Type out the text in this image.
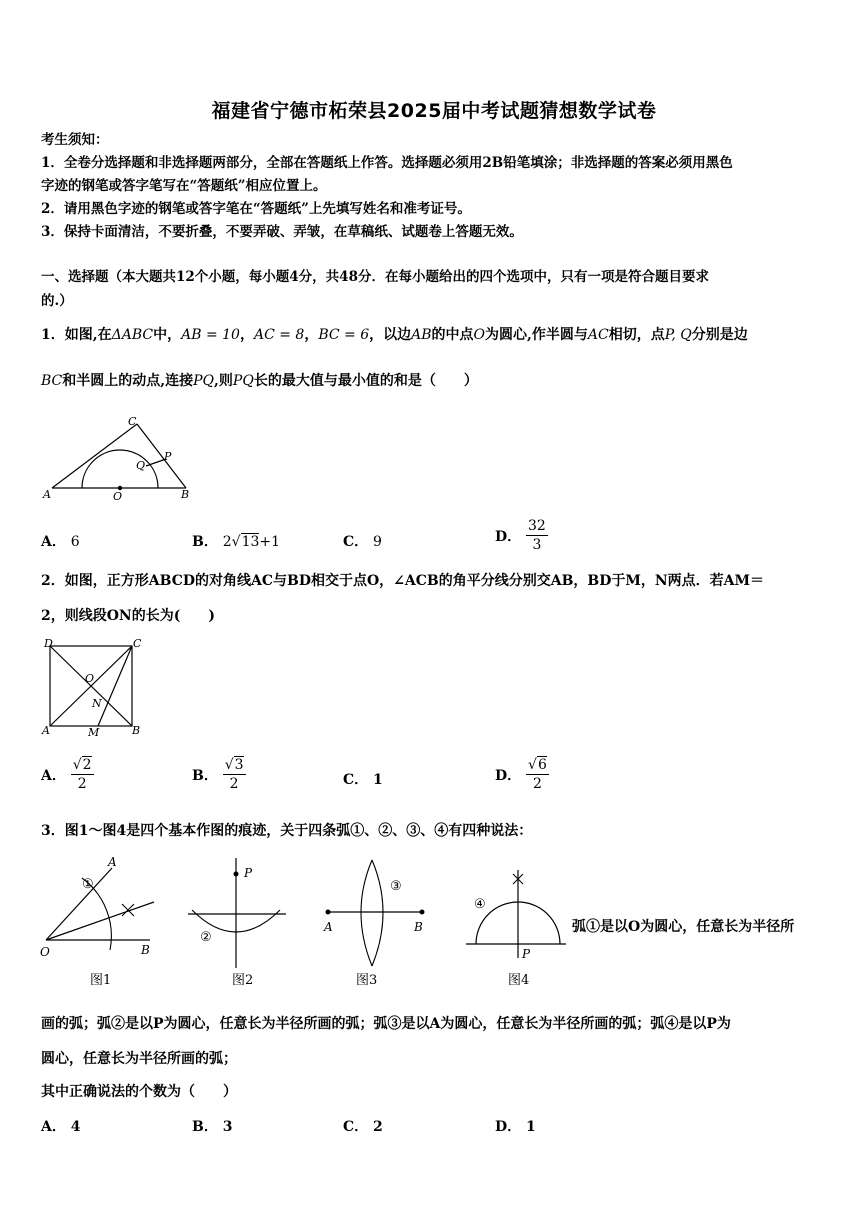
福建省宁德市柘荣县2025届中考试题猜想数学试卷
考生须知：
1．全卷分选择题和非选择题两部分，全部在答题纸上作答。选择题必须用2B铅笔填涂；非选择题的答案必须用黑色
字迹的钢笔或答字笔写在“答题纸”相应位置上。
2．请用黑色字迹的钢笔或答字笔在“答题纸”上先填写姓名和准考证号。
3．保持卡面清洁，不要折叠，不要弄破、弄皱，在草稿纸、试题卷上答题无效。
一、选择题（本大题共12个小题，每小题4分，共48分．在每小题给出的四个选项中，只有一项是符合题目要求
的.）
1．如图,在ΔABC中，AB = 10，AC = 8，BC = 6，以边AB的中点O为圆心,作半圆与AC相切，点P, Q分别是边
BC和半圆上的动点,连接PQ,则PQ长的最大值与最小值的和是（　　）
A	B
C
O
P
Q
A． 6	B． 2√13+1	C． 9	D．
$\frac{32}{3}$
2．如图，正方形ABCD的对角线AC与BD相交于点O，∠ACB的角平分线分别交AB，BD于M，N两点．若AM＝
2，则线段ON的长为(　　)
D	C
A	B
M
N
O
A．
$\frac{√2}{2}$	B．
$\frac{√3}{2}$	C． 1	D．
$\frac{√6}{2}$
3．图1～图4是四个基本作图的痕迹，关于四条弧①、②、③、④有四种说法：
A
O	B
①
图1
P
②
图2
③
A	B
图3
④
P
图4
弧①是以O为圆心，任意长为半径所
画的弧；弧②是以P为圆心，任意长为半径所画的弧；弧③是以A为圆心，任意长为半径所画的弧；弧④是以P为
圆心，任意长为半径所画的弧；
其中正确说法的个数为（　　）
A． 4	B． 3	C． 2	D． 1
